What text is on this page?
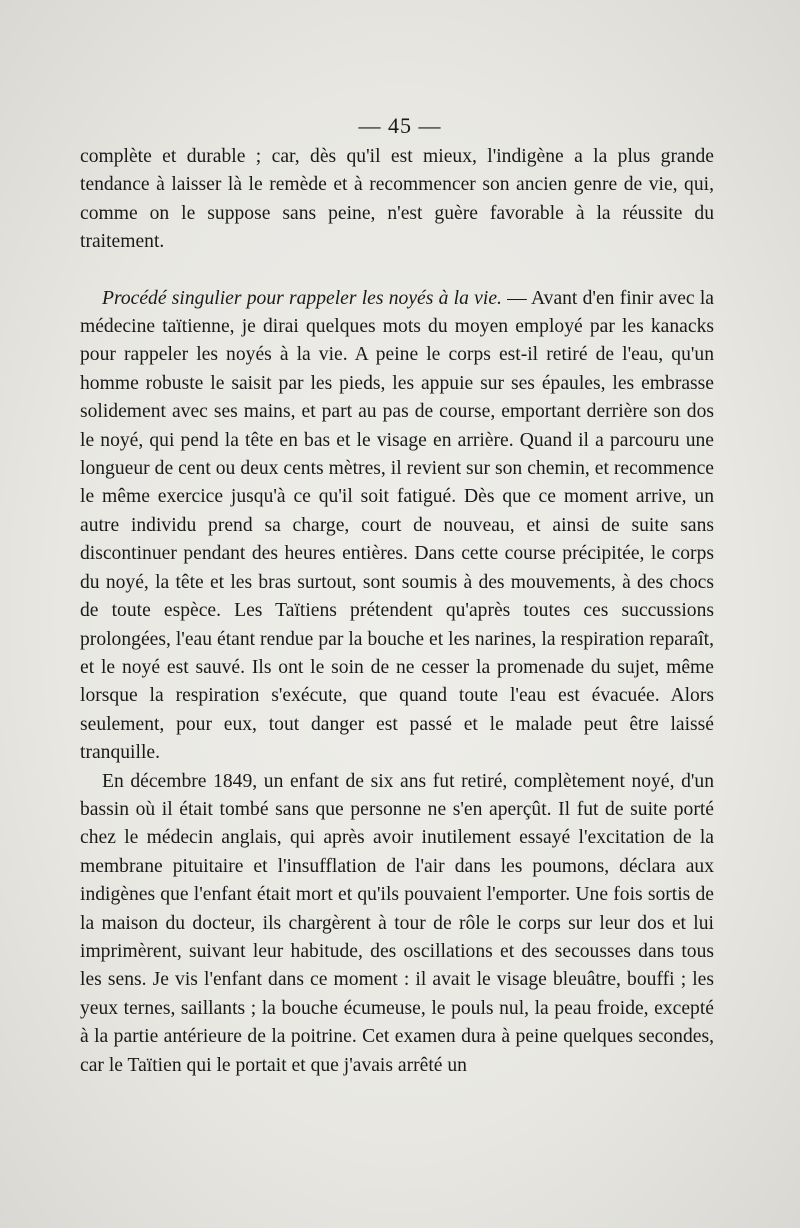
— 45 —

complète et durable ; car, dès qu'il est mieux, l'indigène a la plus grande tendance à laisser là le remède et à recommencer son ancien genre de vie, qui, comme on le suppose sans peine, n'est guère favorable à la réussite du traitement.

Procédé singulier pour rappeler les noyés à la vie. — Avant d'en finir avec la médecine taïtienne, je dirai quelques mots du moyen employé par les kanacks pour rappeler les noyés à la vie. A peine le corps est-il retiré de l'eau, qu'un homme robuste le saisit par les pieds, les appuie sur ses épaules, les embrasse solidement avec ses mains, et part au pas de course, emportant derrière son dos le noyé, qui pend la tête en bas et le visage en arrière. Quand il a parcouru une longueur de cent ou deux cents mètres, il revient sur son chemin, et recommence le même exercice jusqu'à ce qu'il soit fatigué. Dès que ce moment arrive, un autre individu prend sa charge, court de nouveau, et ainsi de suite sans discontinuer pendant des heures entières. Dans cette course précipitée, le corps du noyé, la tête et les bras surtout, sont soumis à des mouvements, à des chocs de toute espèce. Les Taïtiens prétendent qu'après toutes ces succussions prolongées, l'eau étant rendue par la bouche et les narines, la respiration reparaît, et le noyé est sauvé. Ils ont le soin de ne cesser la promenade du sujet, même lorsque la respiration s'exécute, que quand toute l'eau est évacuée. Alors seulement, pour eux, tout danger est passé et le malade peut être laissé tranquille.

En décembre 1849, un enfant de six ans fut retiré, complètement noyé, d'un bassin où il était tombé sans que personne ne s'en aperçût. Il fut de suite porté chez le médecin anglais, qui après avoir inutilement essayé l'excitation de la membrane pituitaire et l'insufflation de l'air dans les poumons, déclara aux indigènes que l'enfant était mort et qu'ils pouvaient l'emporter. Une fois sortis de la maison du docteur, ils chargèrent à tour de rôle le corps sur leur dos et lui imprimèrent, suivant leur habitude, des oscillations et des secousses dans tous les sens. Je vis l'enfant dans ce moment : il avait le visage bleuâtre, bouffi ; les yeux ternes, saillants ; la bouche écumeuse, le pouls nul, la peau froide, excepté à la partie antérieure de la poitrine. Cet examen dura à peine quelques secondes, car le Taïtien qui le portait et que j'avais arrêté un
